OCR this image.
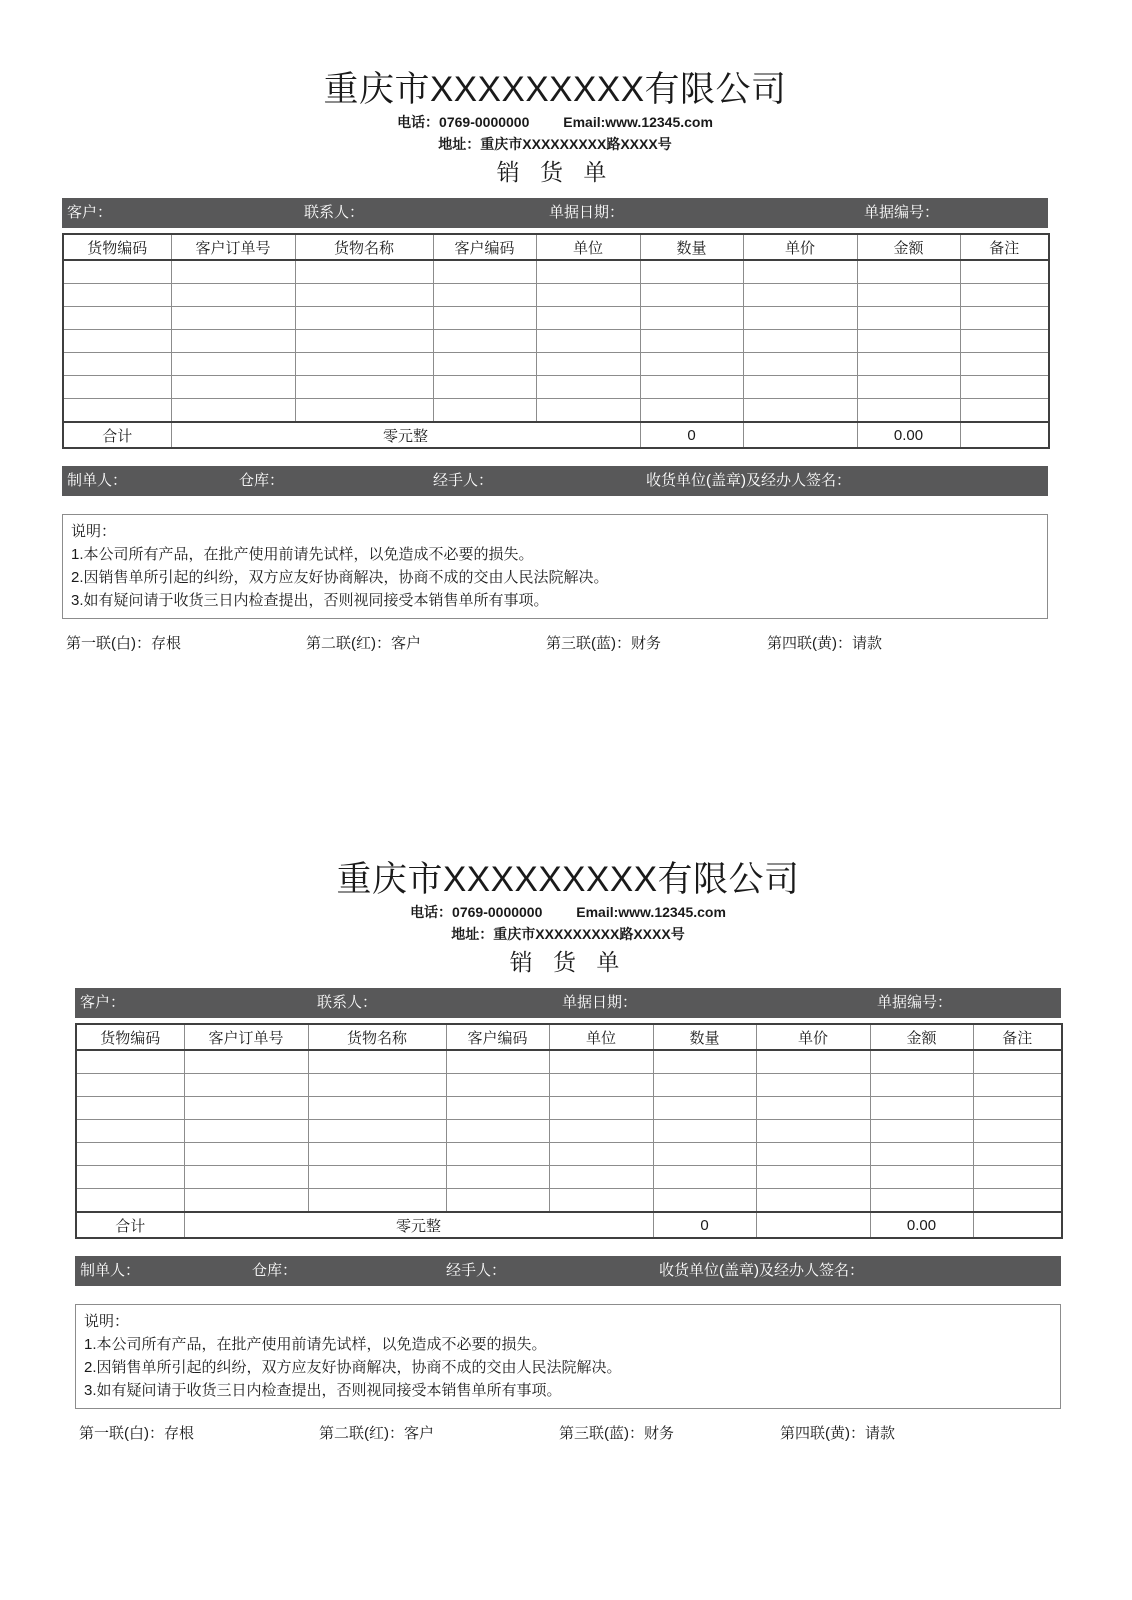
重庆市XXXXXXXXX有限公司
电话：0769-0000000 Email:www.12345.com
地址：重庆市XXXXXXXXX路XXXX号
销 货 单
客户：	联系人：	单据日期：	单据编号：
货物编码	客户订单号	货物名称	客户编码	单位	数量	单价	金额	备注

合计	零元整				0		0.00	
制单人：	仓库：	经手人：	收货单位(盖章)及经办人签名：
说明：
1.本公司所有产品，在批产使用前请先试样，以免造成不必要的损失。
2.因销售单所引起的纠纷，双方应友好协商解决，协商不成的交由人民法院解决。
3.如有疑问请于收货三日内检查提出，否则视同接受本销售单所有事项。
第一联(白)：存根	第二联(红)：客户	第三联(蓝)：财务	第四联(黄)：请款
重庆市XXXXXXXXX有限公司
电话：0769-0000000 Email:www.12345.com
地址：重庆市XXXXXXXXX路XXXX号
销 货 单
客户：	联系人：	单据日期：	单据编号：
货物编码	客户订单号	货物名称	客户编码	单位	数量	单价	金额	备注

合计	零元整				0		0.00	
制单人：	仓库：	经手人：	收货单位(盖章)及经办人签名：
说明：
1.本公司所有产品，在批产使用前请先试样，以免造成不必要的损失。
2.因销售单所引起的纠纷，双方应友好协商解决，协商不成的交由人民法院解决。
3.如有疑问请于收货三日内检查提出，否则视同接受本销售单所有事项。
第一联(白)：存根	第二联(红)：客户	第三联(蓝)：财务	第四联(黄)：请款
